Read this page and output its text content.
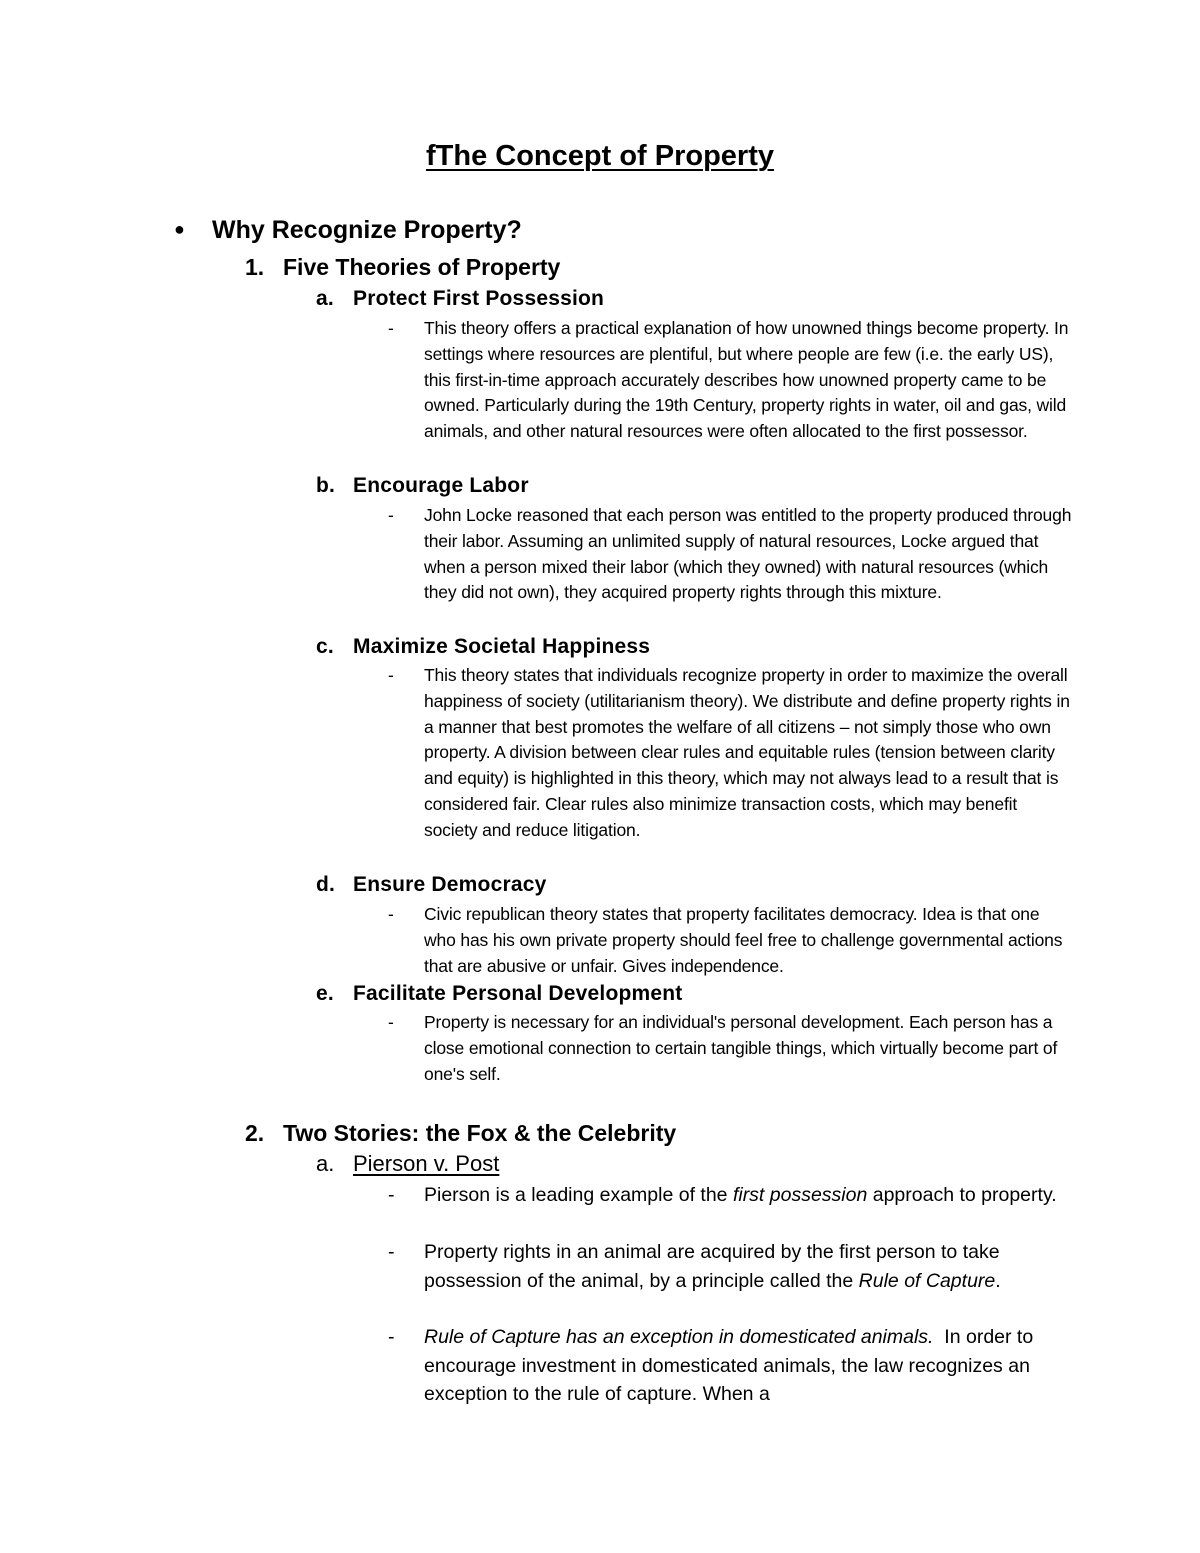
fThe Concept of Property
● Why Recognize Property?
1. Five Theories of Property
a. Protect First Possession
- This theory offers a practical explanation of how unowned things become property. In settings where resources are plentiful, but where people are few (i.e. the early US), this first-in-time approach accurately describes how unowned property came to be owned. Particularly during the 19th Century, property rights in water, oil and gas, wild animals, and other natural resources were often allocated to the first possessor.
b. Encourage Labor
- John Locke reasoned that each person was entitled to the property produced through their labor. Assuming an unlimited supply of natural resources, Locke argued that when a person mixed their labor (which they owned) with natural resources (which they did not own), they acquired property rights through this mixture.
c. Maximize Societal Happiness
- This theory states that individuals recognize property in order to maximize the overall happiness of society (utilitarianism theory). We distribute and define property rights in a manner that best promotes the welfare of all citizens – not simply those who own property. A division between clear rules and equitable rules (tension between clarity and equity) is highlighted in this theory, which may not always lead to a result that is considered fair. Clear rules also minimize transaction costs, which may benefit society and reduce litigation.
d. Ensure Democracy
- Civic republican theory states that property facilitates democracy. Idea is that one who has his own private property should feel free to challenge governmental actions that are abusive or unfair. Gives independence.
e. Facilitate Personal Development
- Property is necessary for an individual's personal development. Each person has a close emotional connection to certain tangible things, which virtually become part of one's self.
2. Two Stories: the Fox & the Celebrity
a. Pierson v. Post
- Pierson is a leading example of the first possession approach to property.
- Property rights in an animal are acquired by the first person to take possession of the animal, by a principle called the Rule of Capture.
- Rule of Capture has an exception in domesticated animals.  In order to encourage investment in domesticated animals, the law recognizes an exception to the rule of capture. When a
